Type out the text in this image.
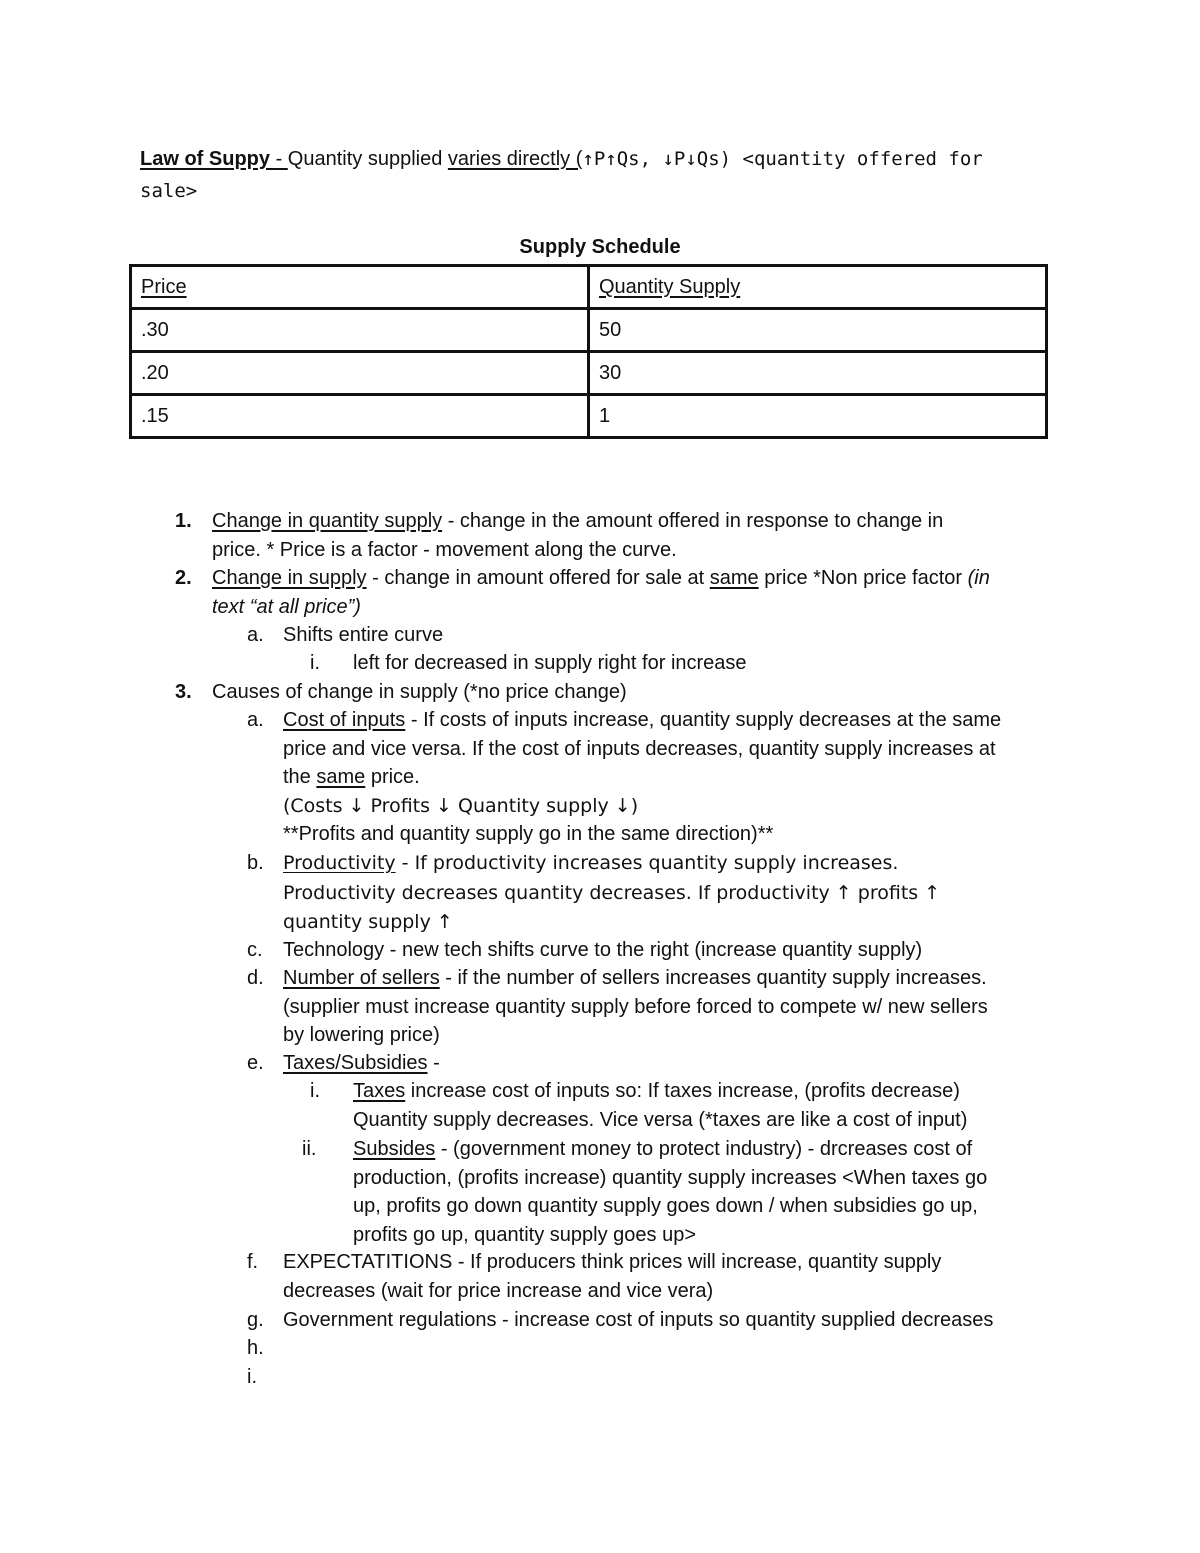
Law of Suppy - Quantity supplied varies directly (↑P↑Qs, ↓P↓Qs) <quantity offered for
sale>
Supply Schedule
Price	Quantity Supply
.30	50
.20	30
.15	1
1. Change in quantity supply - change in the amount offered in response to change in
price. * Price is a factor - movement along the curve.
2. Change in supply - change in amount offered for sale at same price *Non price factor (in
text “at all price”)
a. Shifts entire curve
i. left for decreased in supply right for increase
3. Causes of change in supply (*no price change)
a. Cost of inputs - If costs of inputs increase, quantity supply decreases at the same
price and vice versa. If the cost of inputs decreases, quantity supply increases at
the same price.
(Costs ↓ Profits ↓ Quantity supply ↓)
**Profits and quantity supply go in the same direction)**
b. Productivity - If productivity increases quantity supply increases.
Productivity decreases quantity decreases. If productivity ↑ profits ↑
quantity supply ↑
c. Technology - new tech shifts curve to the right (increase quantity supply)
d. Number of sellers - if the number of sellers increases quantity supply increases.
(supplier must increase quantity supply before forced to compete w/ new sellers
by lowering price)
e. Taxes/Subsidies -
i. Taxes increase cost of inputs so: If taxes increase, (profits decrease)
Quantity supply decreases. Vice versa (*taxes are like a cost of input)
ii. Subsides - (government money to protect industry) - drcreases cost of
production, (profits increase) quantity supply increases <When taxes go
up, profits go down quantity supply goes down / when subsidies go up,
profits go up, quantity supply goes up>
f. EXPECTATITIONS - If producers think prices will increase, quantity supply
decreases (wait for price increase and vice vera)
g. Government regulations - increase cost of inputs so quantity supplied decreases
h.
i.
